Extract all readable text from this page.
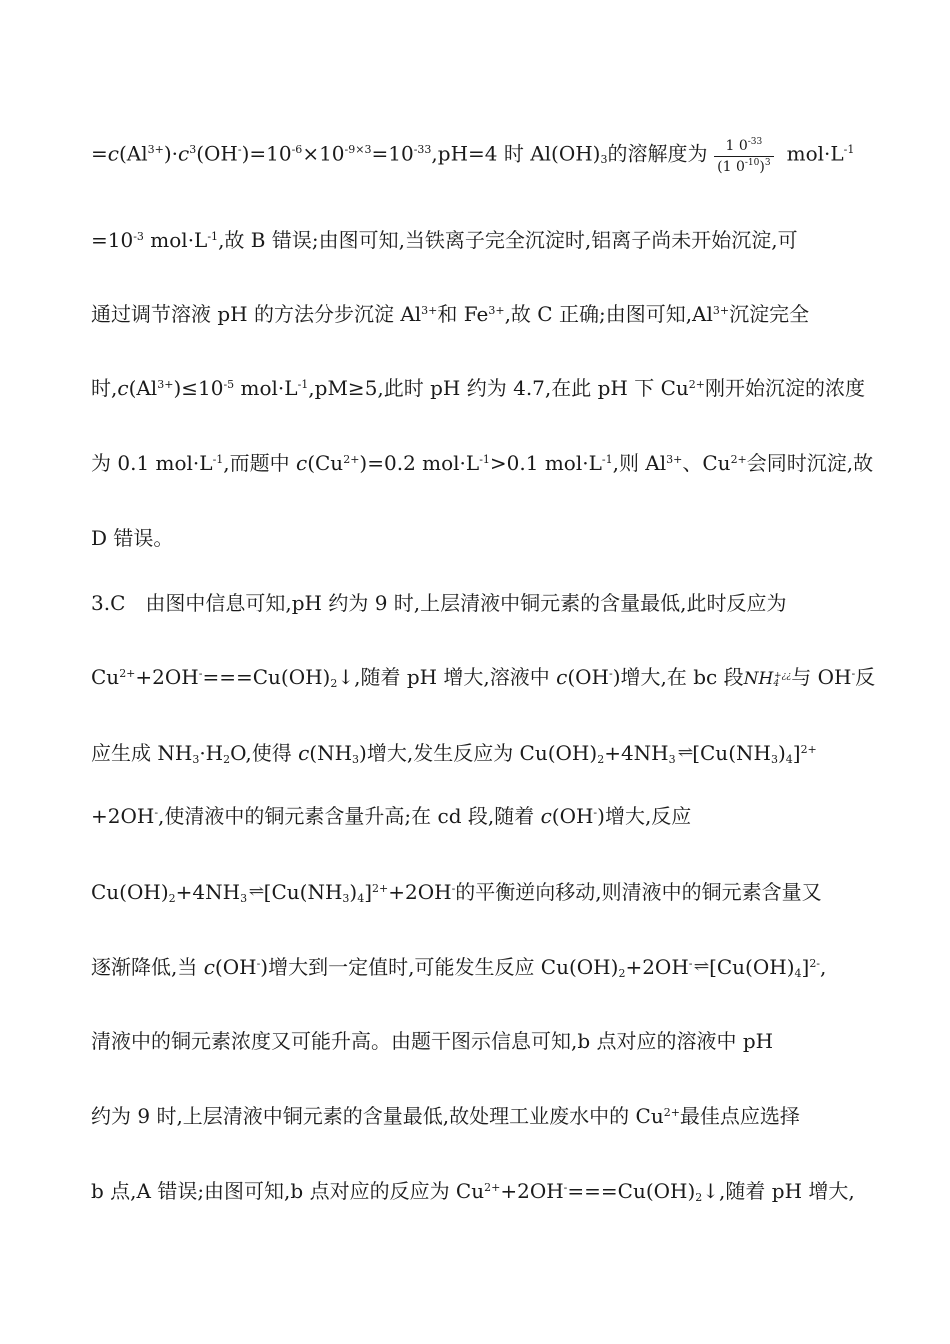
$=c(Al^{3+})\cdot c^3(OH^-)=10^{-6}\times 10^{-9\times 3}=10^{-33},pH=4$ 时 $Al(OH)_3$的溶解度为 $\frac{1 0^{-33}}{(1 0^{-10})^3} mol\cdot L^{-1}$
$=10^{-3}$ $mol\cdot L^{-1}$,故 B 错误;由图可知,当铁离子完全沉淀时,铝离子尚未开始沉淀,可
通过调节溶液 pH 的方法分步沉淀 $Al^{3+}$和 $Fe^{3+}$,故 C 正确;由图可知$,Al^{3+}$沉淀完全
时$,c(Al^{3+})\le 10^{-5}$ $mol\cdot L^{-1},pM\ge 5$,此时 pH 约为 4.7,在此 pH 下 $Cu^{2+}$刚开始沉淀的浓度
为 0.1 $mol\cdot L^{-1}$,而题中 $c(Cu^{2+})=0.2$ $mol\cdot L^{-1}>0.1$ $mol\cdot L^{-1}$,则 $Al^{3+}$、$Cu^{2+}$会同时沉淀,故
D 错误。
3.C　由图中信息可知,pH 约为 9 时,上层清液中铜元素的含量最低,此时反应为
$Cu^{2+}+2OH^-===Cu(OH)_2↓$,随着 pH 增大,溶液中 c(OH-)增大,在 bc 段$NH_4^{+¿¿}$与 OH-反
应生成 $NH_3\cdot H_2O$,使得 $c(NH_3)$增大,发生反应为 $Cu(OH)_2+4NH_3$ $\rightleftharpoons[Cu(NH_3)_4]^{2+}$
+2OH-,使清液中的铜元素含量升高;在 cd 段,随着 c(OH-)增大,反应
$Cu(OH)_2+4NH_3$ $\rightleftharpoons[Cu(NH_3)_4]^{2+}+2OH^-$的平衡逆向移动,则清液中的铜元素含量又
逐渐降低,当 c(OH-)增大到一定值时,可能发生反应 $Cu(OH)_2+2OH^-$ $\rightleftharpoons[Cu(OH)_4]^{2-}$,
清液中的铜元素浓度又可能升高。由题干图示信息可知,b 点对应的溶液中 pH
约为 9 时,上层清液中铜元素的含量最低,故处理工业废水中的 $Cu^{2+}$最佳点应选择
b 点,A 错误;由图可知,b 点对应的反应为 $Cu^{2+}+2OH^-===Cu(OH)_2↓$,随着 pH 增大,
